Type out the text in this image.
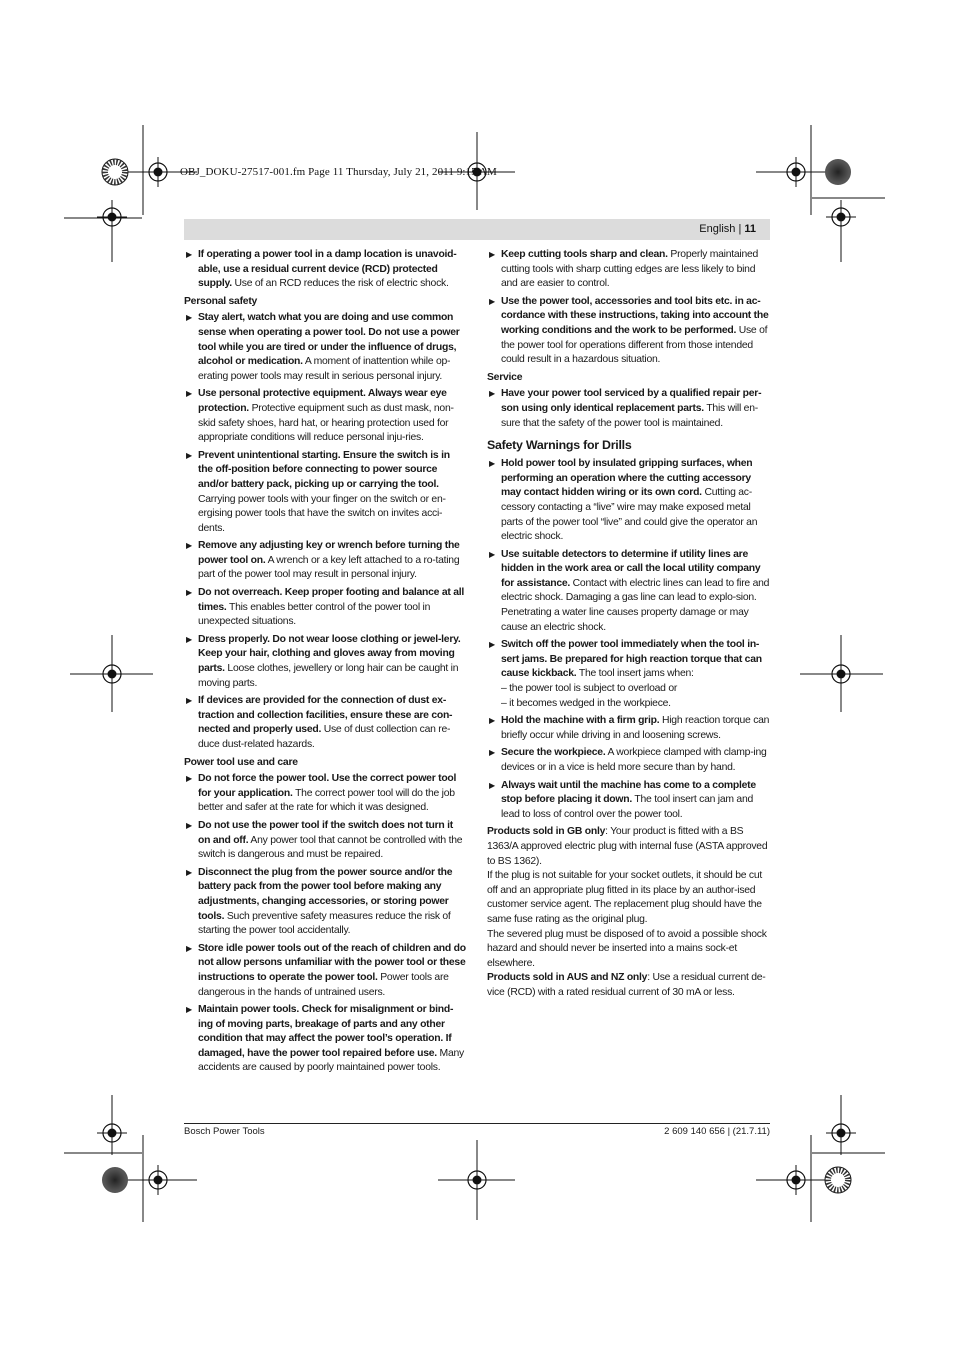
OBJ_DOKU-27517-001.fm Page 11 Thursday, July 21, 2011 9:15 AM
English | 11
▶ If operating a power tool in a damp location is unavoid-able, use a residual current device (RCD) protected supply. Use of an RCD reduces the risk of electric shock.
Personal safety
▶ Stay alert, watch what you are doing and use common sense when operating a power tool. Do not use a power tool while you are tired or under the influence of drugs, alcohol or medication. A moment of inattention while op-erating power tools may result in serious personal injury.
▶ Use personal protective equipment. Always wear eye protection. Protective equipment such as dust mask, non-skid safety shoes, hard hat, or hearing protection used for appropriate conditions will reduce personal inju-ries.
▶ Prevent unintentional starting. Ensure the switch is in the off-position before connecting to power source and/or battery pack, picking up or carrying the tool. Carrying power tools with your finger on the switch or en-ergising power tools that have the switch on invites acci-dents.
▶ Remove any adjusting key or wrench before turning the power tool on. A wrench or a key left attached to a ro-tating part of the power tool may result in personal injury.
▶ Do not overreach. Keep proper footing and balance at all times. This enables better control of the power tool in unexpected situations.
▶ Dress properly. Do not wear loose clothing or jewel-lery. Keep your hair, clothing and gloves away from moving parts. Loose clothes, jewellery or long hair can be caught in moving parts.
▶ If devices are provided for the connection of dust ex-traction and collection facilities, ensure these are con-nected and properly used. Use of dust collection can re-duce dust-related hazards.
Power tool use and care
▶ Do not force the power tool. Use the correct power tool for your application. The correct power tool will do the job better and safer at the rate for which it was designed.
▶ Do not use the power tool if the switch does not turn it on and off. Any power tool that cannot be controlled with the switch is dangerous and must be repaired.
▶ Disconnect the plug from the power source and/or the battery pack from the power tool before making any adjustments, changing accessories, or storing power tools. Such preventive safety measures reduce the risk of starting the power tool accidentally.
▶ Store idle power tools out of the reach of children and do not allow persons unfamiliar with the power tool or these instructions to operate the power tool. Power tools are dangerous in the hands of untrained users.
▶ Maintain power tools. Check for misalignment or bind-ing of moving parts, breakage of parts and any other condition that may affect the power tool’s operation. If damaged, have the power tool repaired before use. Many accidents are caused by poorly maintained power tools.
▶ Keep cutting tools sharp and clean. Properly maintained cutting tools with sharp cutting edges are less likely to bind and are easier to control.
▶ Use the power tool, accessories and tool bits etc. in ac-cordance with these instructions, taking into account the working conditions and the work to be performed. Use of the power tool for operations different from those intended could result in a hazardous situation.
Service
▶ Have your power tool serviced by a qualified repair per-son using only identical replacement parts. This will en-sure that the safety of the power tool is maintained.
Safety Warnings for Drills
▶ Hold power tool by insulated gripping surfaces, when performing an operation where the cutting accessory may contact hidden wiring or its own cord. Cutting ac-cessory contacting a “live” wire may make exposed metal parts of the power tool “live” and could give the operator an electric shock.
▶ Use suitable detectors to determine if utility lines are hidden in the work area or call the local utility company for assistance. Contact with electric lines can lead to fire and electric shock. Damaging a gas line can lead to explo-sion. Penetrating a water line causes property damage or may cause an electric shock.
▶ Switch off the power tool immediately when the tool in-sert jams. Be prepared for high reaction torque that can cause kickback. The tool insert jams when:
– the power tool is subject to overload or
– it becomes wedged in the workpiece.
▶ Hold the machine with a firm grip. High reaction torque can briefly occur while driving in and loosening screws.
▶ Secure the workpiece. A workpiece clamped with clamp-ing devices or in a vice is held more secure than by hand.
▶ Always wait until the machine has come to a complete stop before placing it down. The tool insert can jam and lead to loss of control over the power tool.
Products sold in GB only: Your product is fitted with a BS 1363/A approved electric plug with internal fuse (ASTA approved to BS 1362).
If the plug is not suitable for your socket outlets, it should be cut off and an appropriate plug fitted in its place by an author-ised customer service agent. The replacement plug should have the same fuse rating as the original plug.
The severed plug must be disposed of to avoid a possible shock hazard and should never be inserted into a mains sock-et elsewhere.
Products sold in AUS and NZ only: Use a residual current de-vice (RCD) with a rated residual current of 30 mA or less.
Bosch Power Tools	2 609 140 656 | (21.7.11)
